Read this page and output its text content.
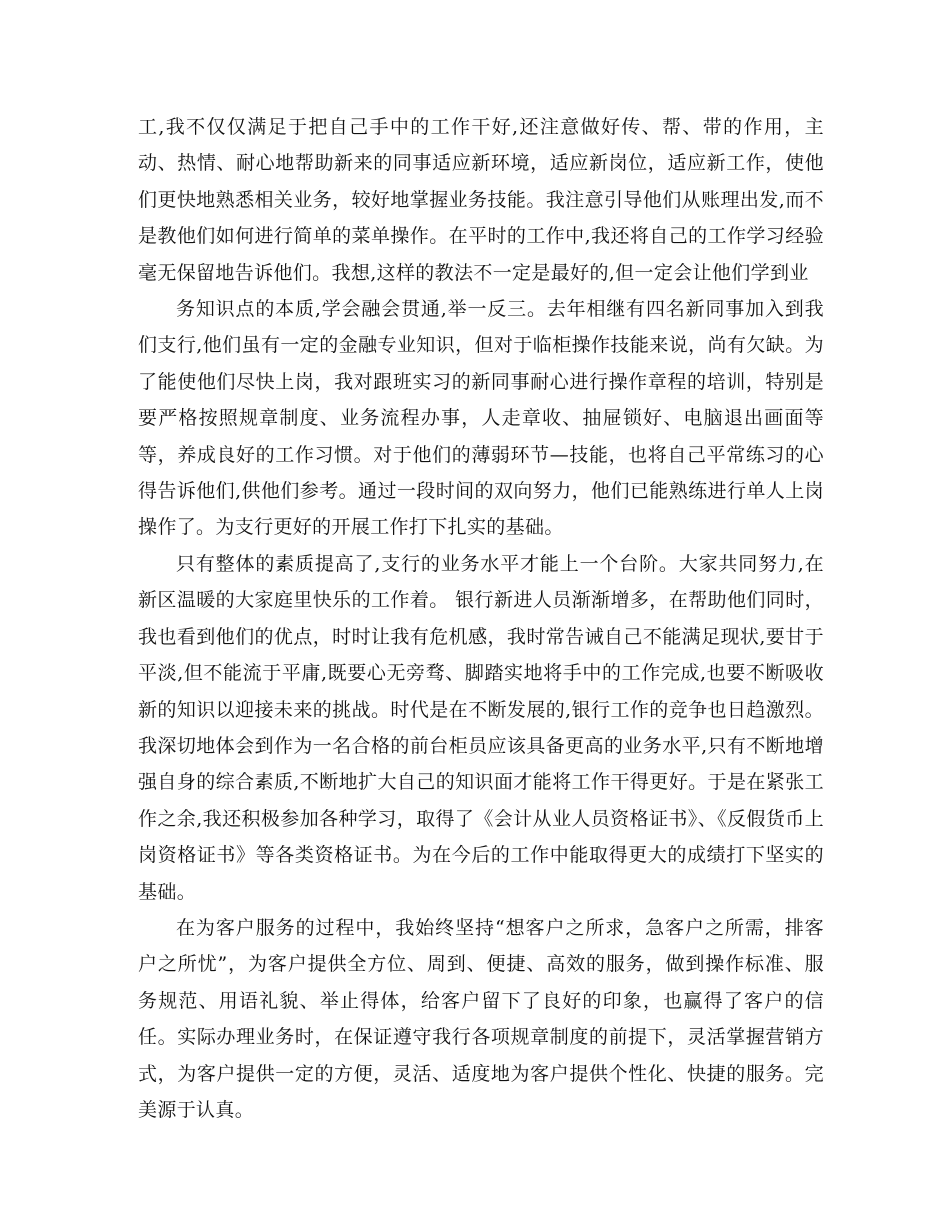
工,我不仅仅满足于把自己手中的工作干好,还注意做好传、帮、带的作用，主动、热情、耐心地帮助新来的同事适应新环境，适应新岗位，适应新工作，使他们更快地熟悉相关业务，较好地掌握业务技能。我注意引导他们从账理出发,而不是教他们如何进行简单的菜单操作。在平时的工作中,我还将自己的工作学习经验毫无保留地告诉他们。我想,这样的教法不一定是最好的,但一定会让他们学到业

务知识点的本质,学会融会贯通,举一反三。去年相继有四名新同事加入到我们支行,他们虽有一定的金融专业知识，但对于临柜操作技能来说，尚有欠缺。为了能使他们尽快上岗，我对跟班实习的新同事耐心进行操作章程的培训，特别是要严格按照规章制度、业务流程办事，人走章收、抽屉锁好、电脑退出画面等等，养成良好的工作习惯。对于他们的薄弱环节—技能，也将自己平常练习的心得告诉他们,供他们参考。通过一段时间的双向努力，他们已能熟练进行单人上岗操作了。为支行更好的开展工作打下扎实的基础。

只有整体的素质提高了,支行的业务水平才能上一个台阶。大家共同努力,在新区温暖的大家庭里快乐的工作着。 银行新进人员渐渐增多，在帮助他们同时，我也看到他们的优点，时时让我有危机感，我时常告诫自己不能满足现状,要甘于平淡,但不能流于平庸,既要心无旁骛、脚踏实地将手中的工作完成,也要不断吸收新的知识以迎接未来的挑战。时代是在不断发展的,银行工作的竞争也日趋激烈。我深切地体会到作为一名合格的前台柜员应该具备更高的业务水平,只有不断地增强自身的综合素质,不断地扩大自己的知识面才能将工作干得更好。于是在紧张工作之余,我还积极参加各种学习，取得了《会计从业人员资格证书》、《反假货币上岗资格证书》等各类资格证书。为在今后的工作中能取得更大的成绩打下坚实的基础。

在为客户服务的过程中，我始终坚持“想客户之所求，急客户之所需，排客户之所忧”，为客户提供全方位、周到、便捷、高效的服务，做到操作标准、服务规范、用语礼貌、举止得体，给客户留下了良好的印象，也赢得了客户的信任。实际办理业务时，在保证遵守我行各项规章制度的前提下，灵活掌握营销方式，为客户提供一定的方便，灵活、适度地为客户提供个性化、快捷的服务。完美源于认真。
